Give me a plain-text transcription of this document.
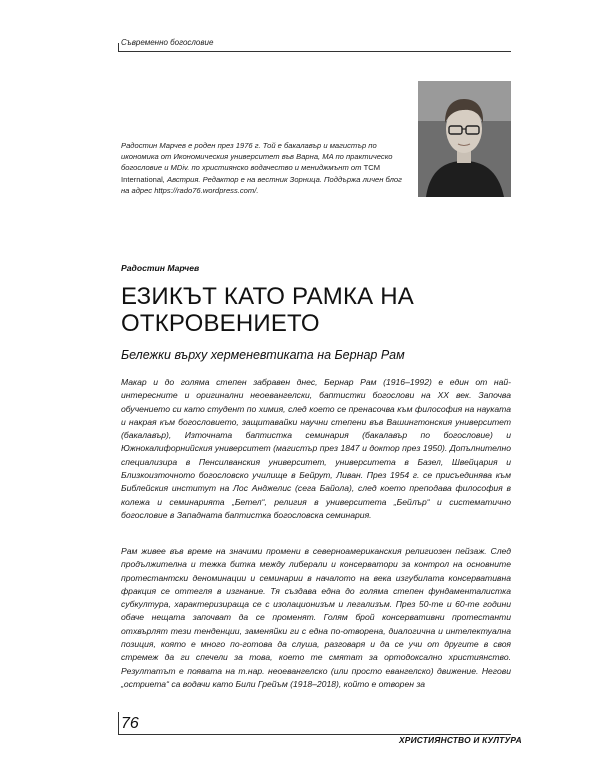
Съвременно богословие

Радостин Марчев е роден през 1976 г. Той е бакалавър и магистър по икономика от Икономическия университет във Варна, MA по практическо богословие и MDiv. по християнско водачество и мениджмънт от TCM International, Австрия. Редактор е на вестник Зорница. Поддържа личен блог на адрес https://rado76.wordpress.com/.

Радостин Марчев
ЕЗИКЪТ КАТО РАМКА НА
ОТКРОВЕНИЕТО
Бележки върху херменевтиката на Бернар Рам

Макар и до голяма степен забравен днес, Бернар Рам (1916–1992) е един от най-интересните и оригинални неоевангелски, баптистки богослови на ХХ век. Започва обучението си като студент по химия, след което се пренасочва към философия на науката и накрая към богословието, защитавайки научни степени във Вашингтонския университет (бакалавър), Източната баптистка семинария (бакалавър по богословие) и Южнокалифорнийския университет (магистър през 1847 и доктор през 1950). Допълнително специализира в Пенсилванския университет, университета в Базел, Швейцария и Близкоизточното богословско училище в Бейрут, Ливан. През 1954 г. се присъединява към Библейския институт на Лос Анджелис (сега Байола), след което преподава философия в колежа и семинарията „Бетел“, религия в университета „Бейлър“ и систематично богословие в Западната баптистка богословска семинария.

Рам живее във време на значими промени в северноамериканския религиозен пейзаж. След продължителна и тежка битка между либерали и консерватори за контрол на основните протестантски деноминации и семинарии в началото на века изгубилата консервативна фракция се оттегля в изгнание. Тя създава една до голяма степен фундаменталистка субкултура, характеризираща се с изолационизъм и легализъм. През 50-те и 60-те години обаче нещата започват да се променят. Голям брой консервативни протестанти отхвърлят тези тенденции, заменяйки ги с една по-отворена, диалогична и интелектуална позиция, която е много по-готова да слуша, разговаря и да се учи от другите в своя стремеж да ги спечели за това, което те смятат за ортодоксално християнство. Резултатът е появата на т.нар. неоевангелско (или просто евангелско) движение. Негови „остриета“ са водачи като Били Грейъм (1918–2018), който е отворен за

76
ХРИСТИЯНСТВО И КУЛТУРА
